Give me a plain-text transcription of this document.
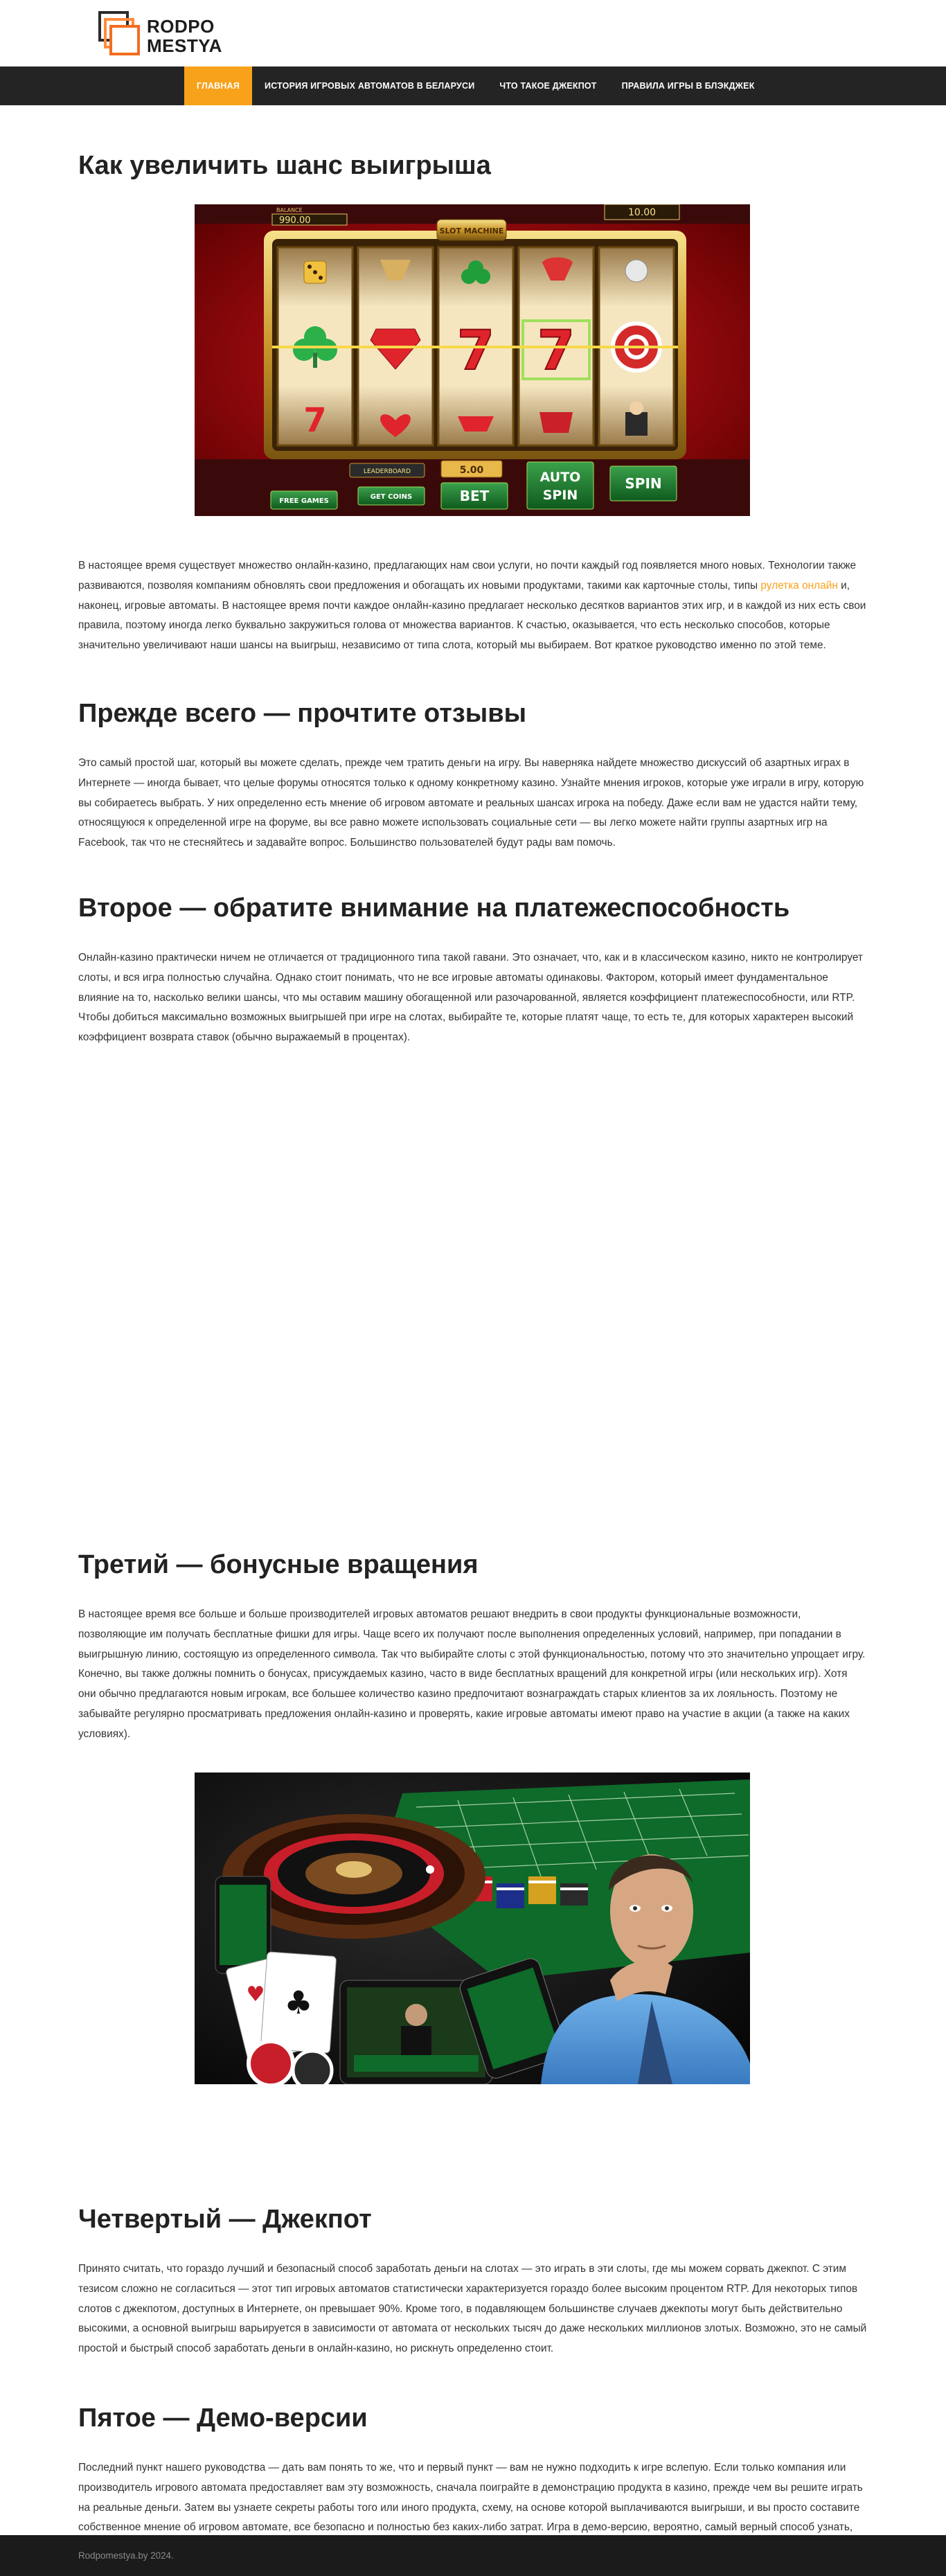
RODPO
MESTYA
ГЛАВНАЯ	ИСТОРИЯ ИГРОВЫХ АВТОМАТОВ В БЕЛАРУСИ	ЧТО ТАКОЕ ДЖЕКПОТ	ПРАВИЛА ИГРЫ В БЛЭКДЖЕК
Как увеличить шанс выигрыша
BALANCE
990.00
10.00
SLOT MACHINE
7 7
7
LEADERBOARD	5.00
FREE GAMES
GET COINS	BET
AUTO
SPIN
SPIN

В настоящее время существует множество онлайн-казино, предлагающих нам свои услуги, но почти каждый год появляется много новых. Технологии также развиваются, позволяя компаниям обновлять свои предложения и обогащать их новыми продуктами, такими как карточные столы, типы рулетка онлайн и, наконец, игровые автоматы. В настоящее время почти каждое онлайн-казино предлагает несколько десятков вариантов этих игр, и в каждой из них есть свои правила, поэтому иногда легко буквально закружиться голова от множества вариантов. К счастью, оказывается, что есть несколько способов, которые значительно увеличивают наши шансы на выигрыш, независимо от типа слота, который мы выбираем. Вот краткое руководство именно по этой теме.

Прежде всего — прочтите отзывы

Это самый простой шаг, который вы можете сделать, прежде чем тратить деньги на игру. Вы наверняка найдете множество дискуссий об азартных играх в Интернете — иногда бывает, что целые форумы относятся только к одному конкретному казино. Узнайте мнения игроков, которые уже играли в игру, которую вы собираетесь выбрать. У них определенно есть мнение об игровом автомате и реальных шансах игрока на победу. Даже если вам не удастся найти тему, относящуюся к определенной игре на форуме, вы все равно можете использовать социальные сети — вы легко можете найти группы азартных игр на Facebook, так что не стесняйтесь и задавайте вопрос. Большинство пользователей будут рады вам помочь.

Второе — обратите внимание на платежеспособность

Онлайн-казино практически ничем не отличается от традиционного типа такой гавани. Это означает, что, как и в классическом казино, никто не контролирует слоты, и вся игра полностью случайна. Однако стоит понимать, что не все игровые автоматы одинаковы. Фактором, который имеет фундаментальное влияние на то, насколько велики шансы, что мы оставим машину обогащенной или разочарованной, является коэффициент платежеспособности, или RTP. Чтобы добиться максимально возможных выигрышей при игре на слотах, выбирайте те, которые платят чаще, то есть те, для которых характерен высокий коэффициент возврата ставок (обычно выражаемый в процентах).

Третий — бонусные вращения

В настоящее время все больше и больше производителей игровых автоматов решают внедрить в свои продукты функциональные возможности, позволяющие им получать бесплатные фишки для игры. Чаще всего их получают после выполнения определенных условий, например, при попадании в выигрышную линию, состоящую из определенного символа. Так что выбирайте слоты с этой функциональностью, потому что это значительно упрощает игру. Конечно, вы также должны помнить о бонусах, присуждаемых казино, часто в виде бесплатных вращений для конкретной игры (или нескольких игр). Хотя они обычно предлагаются новым игрокам, все большее количество казино предпочитают вознаграждать старых клиентов за их лояльность. Поэтому не забывайте регулярно просматривать предложения онлайн-казино и проверять, какие игровые автоматы имеют право на участие в акции (а также на каких условиях).

♣
♥
Четвертый — Джекпот

Принято считать, что гораздо лучший и безопасный способ заработать деньги на слотах — это играть в эти слоты, где мы можем сорвать джекпот. С этим тезисом сложно не согласиться — этот тип игровых автоматов статистически характеризуется гораздо более высоким процентом RTP. Для некоторых типов слотов с джекпотом, доступных в Интернете, он превышает 90%. Кроме того, в подавляющем большинстве случаев джекпоты могут быть действительно высокими, а основной выигрыш варьируется в зависимости от автомата от нескольких тысяч до даже нескольких миллионов злотых. Возможно, это не самый простой и быстрый способ заработать деньги в онлайн-казино, но рискнуть определенно стоит.

Пятое — Демо-версии

Последний пункт нашего руководства — дать вам понять то же, что и первый пункт — вам не нужно подходить к игре вслепую. Если только компания или производитель игрового автомата предоставляет вам эту возможность, сначала поиграйте в демонстрацию продукта в казино, прежде чем вы решите играть на реальные деньги. Затем вы узнаете секреты работы того или иного продукта, схему, на основе которой выплачиваются выигрыши, и вы просто составите собственное мнение об игровом автомате, все безопасно и полностью без каких-либо затрат. Игра в демо-версию, вероятно, самый верный способ узнать,

Rodpomestya.by 2024.
